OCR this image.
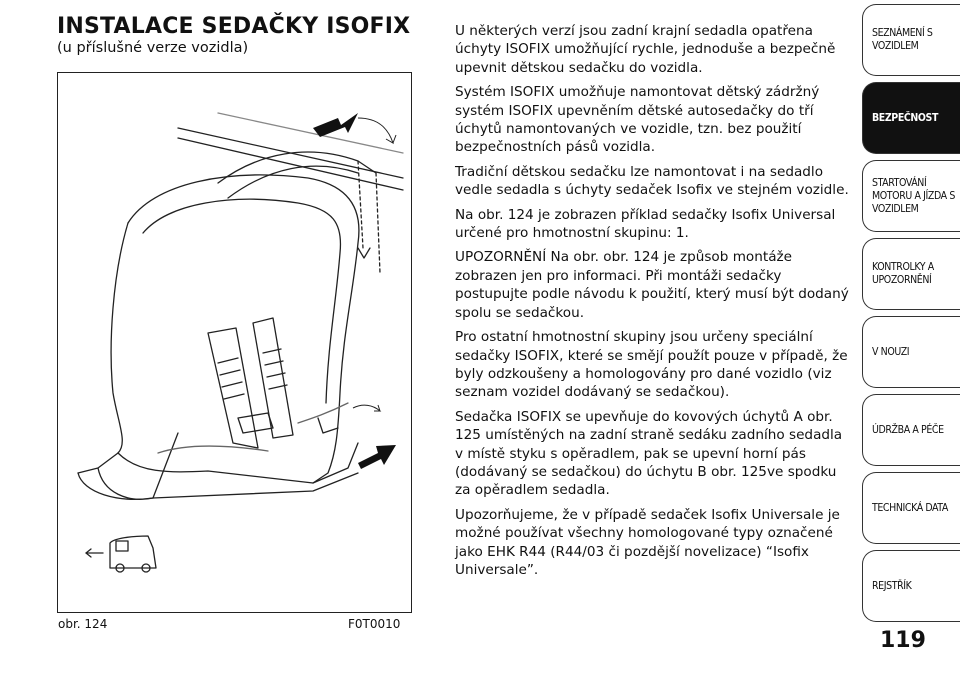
INSTALACE SEDAČKY ISOFIX
(u příslušné verze vozidla)
obr. 124	F0T0010

U některých verzí jsou zadní krajní sedadla opatřena úchyty ISOFIX umožňující rychle, jednoduše a bezpečně upevnit dětskou sedačku do vozidla.

Systém ISOFIX umožňuje namontovat dětský zádržný systém ISOFIX upevněním dětské autosedačky do tří úchytů namontovaných ve vozidle, tzn. bez použití bezpečnostních pásů vozidla.

Tradiční dětskou sedačku lze namontovat i na sedadlo vedle sedadla s úchyty sedaček Isofix ve stejném vozidle.

Na obr. 124 je zobrazen příklad sedačky Isofix Universal určené pro hmotnostní skupinu: 1.

UPOZORNĚNÍ Na obr. obr. 124 je způsob montáže zobrazen jen pro informaci. Při montáži sedačky postupujte podle návodu k použití, který musí být dodaný spolu se sedačkou.

Pro ostatní hmotnostní skupiny jsou určeny speciální sedačky ISOFIX, které se smějí použít pouze v případě, že byly odzkoušeny a homologovány pro dané vozidlo (viz seznam vozidel dodávaný se sedačkou).

Sedačka ISOFIX se upevňuje do kovových úchytů A obr. 125 umístěných na zadní straně sedáku zadního sedadla v místě styku s opěradlem, pak se upevní horní pás (dodávaný se sedačkou) do úchytu B obr. 125ve spodku za opěradlem sedadla.

Upozorňujeme, že v případě sedaček Isofix Universale je možné používat všechny homologované typy označené jako EHK R44 (R44/03 či pozdější novelizace) “Isofix Universale”.

SEZNÁMENÍ S VOZIDLEM
BEZPEČNOST
STARTOVÁNÍ MOTORU A JÍZDA S VOZIDLEM
KONTROLKY A UPOZORNĚNÍ
V NOUZI
ÚDRŽBA A PÉČE
TECHNICKÁ DATA
REJSTŘÍK
119
